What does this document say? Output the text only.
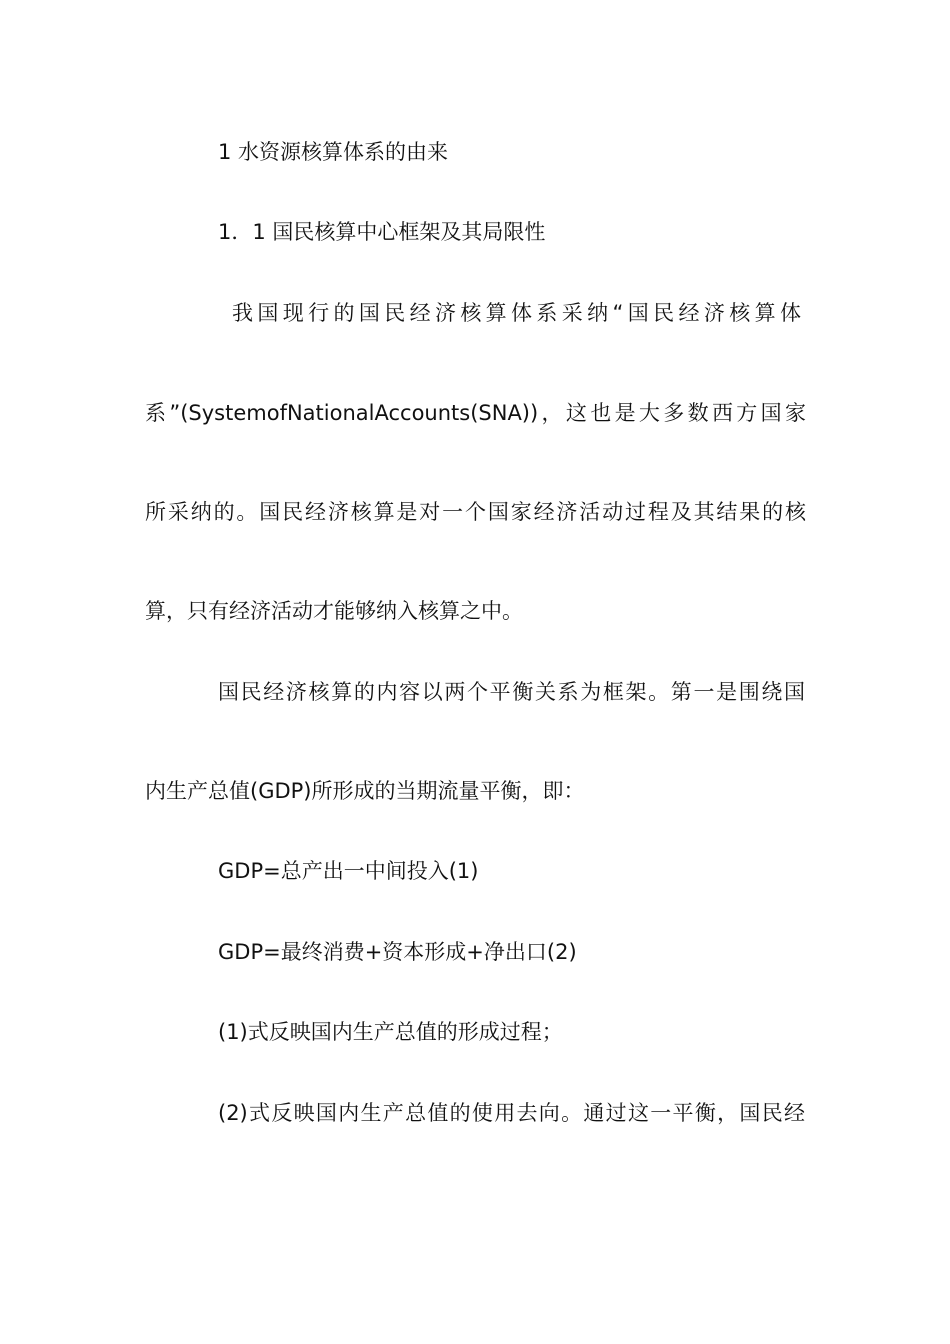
1 水资源核算体系的由来

1．1 国民核算中心框架及其局限性

我国现行的国民经济核算体系采纳“国民经济核算体

系”(SystemofNationalAccounts(SNA))，这也是大多数西方国家

所采纳的。国民经济核算是对一个国家经济活动过程及其结果的核

算，只有经济活动才能够纳入核算之中。

国民经济核算的内容以两个平衡关系为框架。第一是围绕国

内生产总值(GDP)所形成的当期流量平衡，即：

GDP=总产出一中间投入(1)

GDP=最终消费+资本形成+净出口(2)

(1)式反映国内生产总值的形成过程；

(2)式反映国内生产总值的使用去向。通过这一平衡，国民经
